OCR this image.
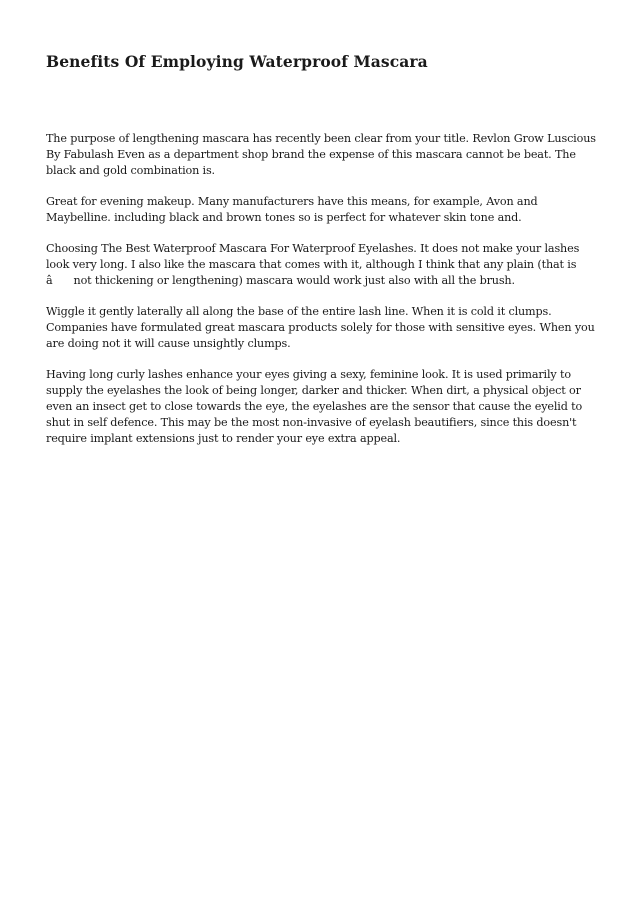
Benefits Of Employing Waterproof Mascara

The purpose of lengthening mascara has recently been clear from your title. Revlon Grow Luscious By Fabulash Even as a department shop brand the expense of this mascara cannot be beat. The black and gold combination is.

Great for evening makeup. Many manufacturers have this means, for example, Avon and Maybelline. including black and brown tones so is perfect for whatever skin tone and.

Choosing The Best Waterproof Mascara For Waterproof Eyelashes. It does not make your lashes look very long. I also like the mascara that comes with it, although I think that any plain (that is â not thickening or lengthening) mascara would work just also with all the brush.

Wiggle it gently laterally all along the base of the entire lash line. When it is cold it clumps. Companies have formulated great mascara products solely for those with sensitive eyes. When you are doing not it will cause unsightly clumps.

Having long curly lashes enhance your eyes giving a sexy, feminine look. It is used primarily to supply the eyelashes the look of being longer, darker and thicker. When dirt, a physical object or even an insect get to close towards the eye, the eyelashes are the sensor that cause the eyelid to shut in self defence. This may be the most non-invasive of eyelash beautifiers, since this doesn't require implant extensions just to render your eye extra appeal.
